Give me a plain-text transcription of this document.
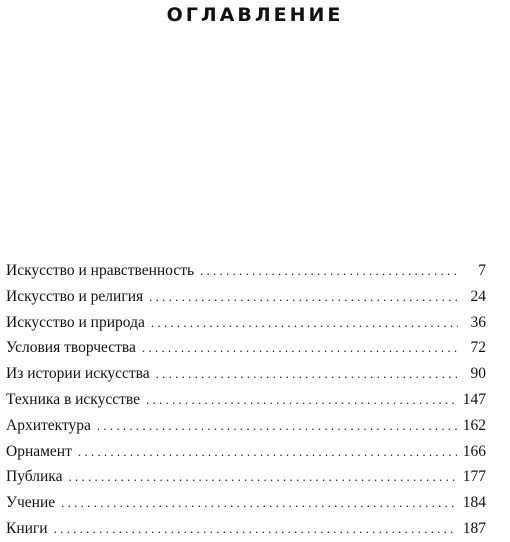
ОГЛАВЛЕНИЕ
Искусство и нравственность . . .	7
Искусство и религия . . .	24
Искусство и природа . . .	36
Условия творчества . . .	72
Из истории искусства . . .	90
Техника в искусстве . . .	147
Архитектура . . .	162
Орнамент . . .	166
Публика . . .	177
Учение . . .	184
Книги . . .	187
